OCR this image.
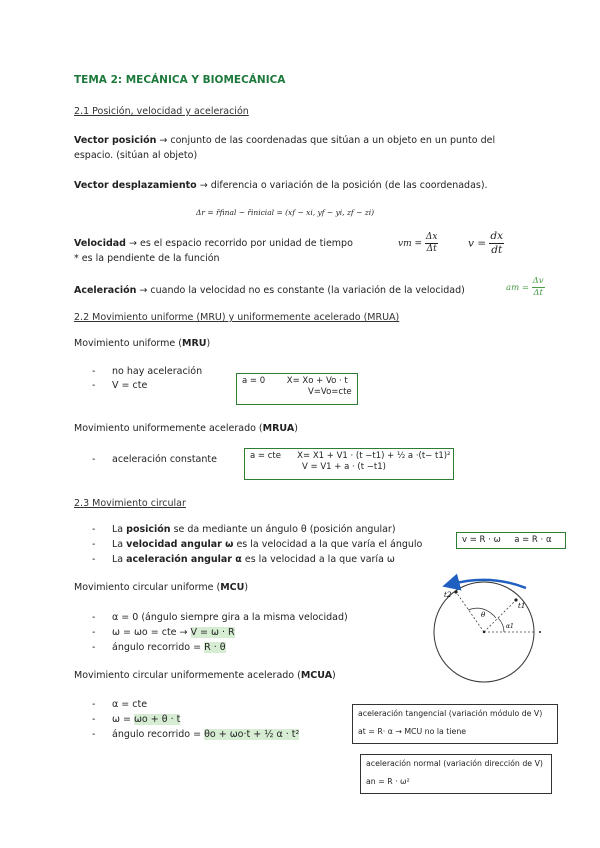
TEMA 2: MECÁNICA Y BIOMECÁNICA
2.1 Posición, velocidad y aceleración
Vector posición → conjunto de las coordenadas que sitúan a un objeto en un punto del
espacio. (sitúan al objeto)
Vector desplazamiento → diferencia o variación de la posición (de las coordenadas).
Δr = r̄final − r̄inicial = (xf − xi, yf − yi, zf − zi)
Velocidad → es el espacio recorrido por unidad de tiempo
* es la pendiente de la función
vm = $\frac{\Delta x}{\Delta t}$	$v = \frac{dx}{dt}$
Aceleración → cuando la velocidad no es constante (la variación de la velocidad)	am = $\frac{\Delta v}{\Delta t}$
2.2 Movimiento uniforme (MRU) y uniformemente acelerado (MRUA)
Movimiento uniforme (MRU)
- no hay aceleración
- V = cte	a = 0        X= Xo + Vo · t
V=Vo=cte
Movimiento uniformemente acelerado (MRUA)
- aceleración constante	a = cte      X= X1 + V1 · (t −t1) + ½ a ·(t− t1)²
V = V1 + a · (t −t1)
2.3 Movimiento circular
- La posición se da mediante un ángulo θ (posición angular)
- La velocidad angular ω es la velocidad a la que varía el ángulo
- La aceleración angular α es la velocidad a la que varía ω
v = R · ω     a = R · α
Movimiento circular uniforme (MCU)
- α = 0 (ángulo siempre gira a la misma velocidad)
- ω = ωo = cte → V = ω · R
- ángulo recorrido = R · θ
t2
t1
θ
α1
Movimiento circular uniformemente acelerado (MCUA)
- α = cte
- ω = ωo + θ · t
- ángulo recorrido = θo + ωo·t + ½ α · t²
aceleración tangencial (variación módulo de V)
at = R· α → MCU no la tiene
aceleración normal (variación dirección de V)
an = R · ω²
